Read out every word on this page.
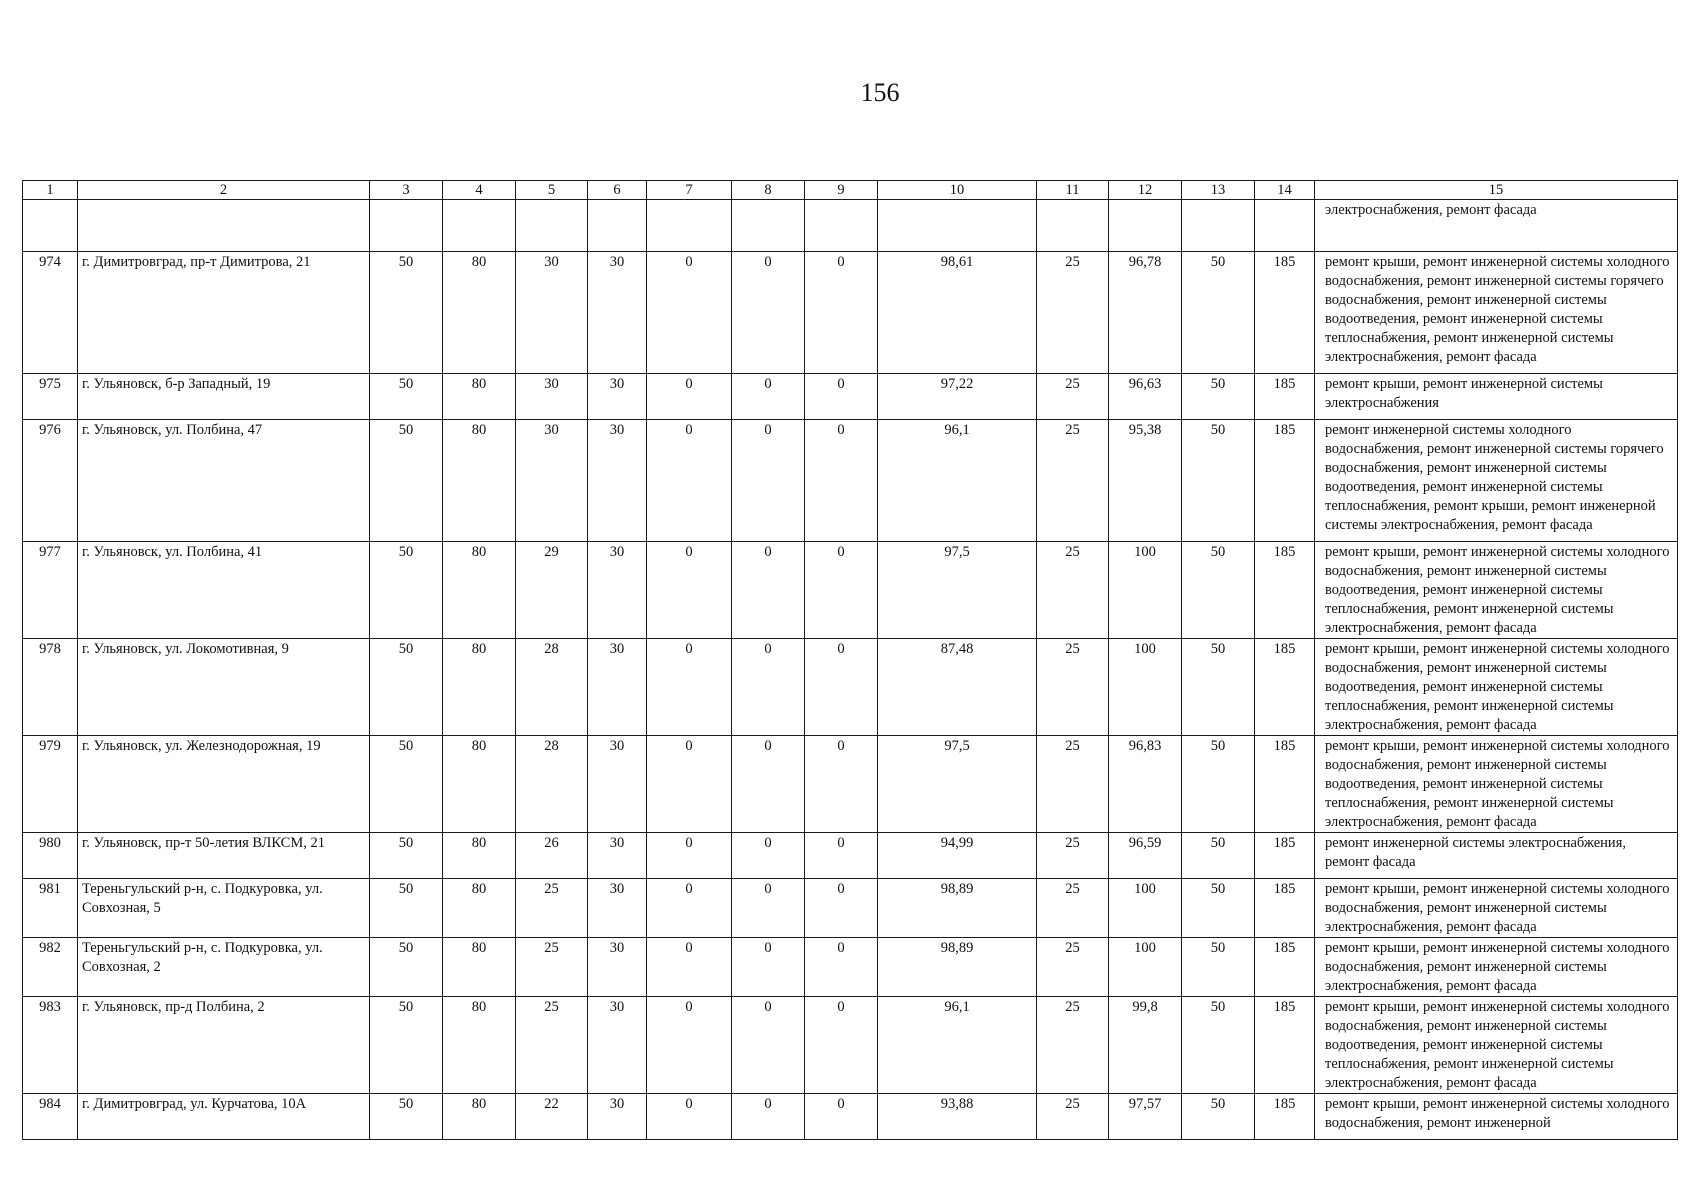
156
1	2	3	4	5	6	7	8	9	10	11	12	13	14	15
														электроснабжения, ремонт фасада
974	г. Димитровград, пр-т Димитрова, 21	50	80	30	30	0	0	0	98,61	25	96,78	50	185	ремонт крыши, ремонт инженерной системы холодного водоснабжения, ремонт инженерной системы горячего водоснабжения, ремонт инженерной системы водоотведения, ремонт инженерной системы теплоснабжения, ремонт инженерной системы электроснабжения, ремонт фасада
975	г. Ульяновск, б-р Западный, 19	50	80	30	30	0	0	0	97,22	25	96,63	50	185	ремонт крыши, ремонт инженерной системы электроснабжения
976	г. Ульяновск, ул. Полбина, 47	50	80	30	30	0	0	0	96,1	25	95,38	50	185	ремонт инженерной системы холодного водоснабжения, ремонт инженерной системы горячего водоснабжения, ремонт инженерной системы водоотведения, ремонт инженерной системы теплоснабжения, ремонт крыши, ремонт инженерной системы электроснабжения, ремонт фасада
977	г. Ульяновск, ул. Полбина, 41	50	80	29	30	0	0	0	97,5	25	100	50	185	ремонт крыши, ремонт инженерной системы холодного водоснабжения, ремонт инженерной системы водоотведения, ремонт инженерной системы теплоснабжения, ремонт инженерной системы электроснабжения, ремонт фасада
978	г. Ульяновск, ул. Локомотивная, 9	50	80	28	30	0	0	0	87,48	25	100	50	185	ремонт крыши, ремонт инженерной системы холодного водоснабжения, ремонт инженерной системы водоотведения, ремонт инженерной системы теплоснабжения, ремонт инженерной системы электроснабжения, ремонт фасада
979	г. Ульяновск, ул. Железнодорожная, 19	50	80	28	30	0	0	0	97,5	25	96,83	50	185	ремонт крыши, ремонт инженерной системы холодного водоснабжения, ремонт инженерной системы водоотведения, ремонт инженерной системы теплоснабжения, ремонт инженерной системы электроснабжения, ремонт фасада
980	г. Ульяновск, пр-т 50-летия ВЛКСМ, 21	50	80	26	30	0	0	0	94,99	25	96,59	50	185	ремонт инженерной системы электроснабжения, ремонт фасада
981	Тереньгульский р-н, с. Подкуровка, ул. Совхозная, 5	50	80	25	30	0	0	0	98,89	25	100	50	185	ремонт крыши, ремонт инженерной системы холодного водоснабжения, ремонт инженерной системы электроснабжения, ремонт фасада
982	Тереньгульский р-н, с. Подкуровка, ул. Совхозная, 2	50	80	25	30	0	0	0	98,89	25	100	50	185	ремонт крыши, ремонт инженерной системы холодного водоснабжения, ремонт инженерной системы электроснабжения, ремонт фасада
983	г. Ульяновск, пр-д Полбина, 2	50	80	25	30	0	0	0	96,1	25	99,8	50	185	ремонт крыши, ремонт инженерной системы холодного водоснабжения, ремонт инженерной системы водоотведения, ремонт инженерной системы теплоснабжения, ремонт инженерной системы электроснабжения, ремонт фасада
984	г. Димитровград, ул. Курчатова, 10А	50	80	22	30	0	0	0	93,88	25	97,57	50	185	ремонт крыши, ремонт инженерной системы холодного водоснабжения, ремонт инженерной
